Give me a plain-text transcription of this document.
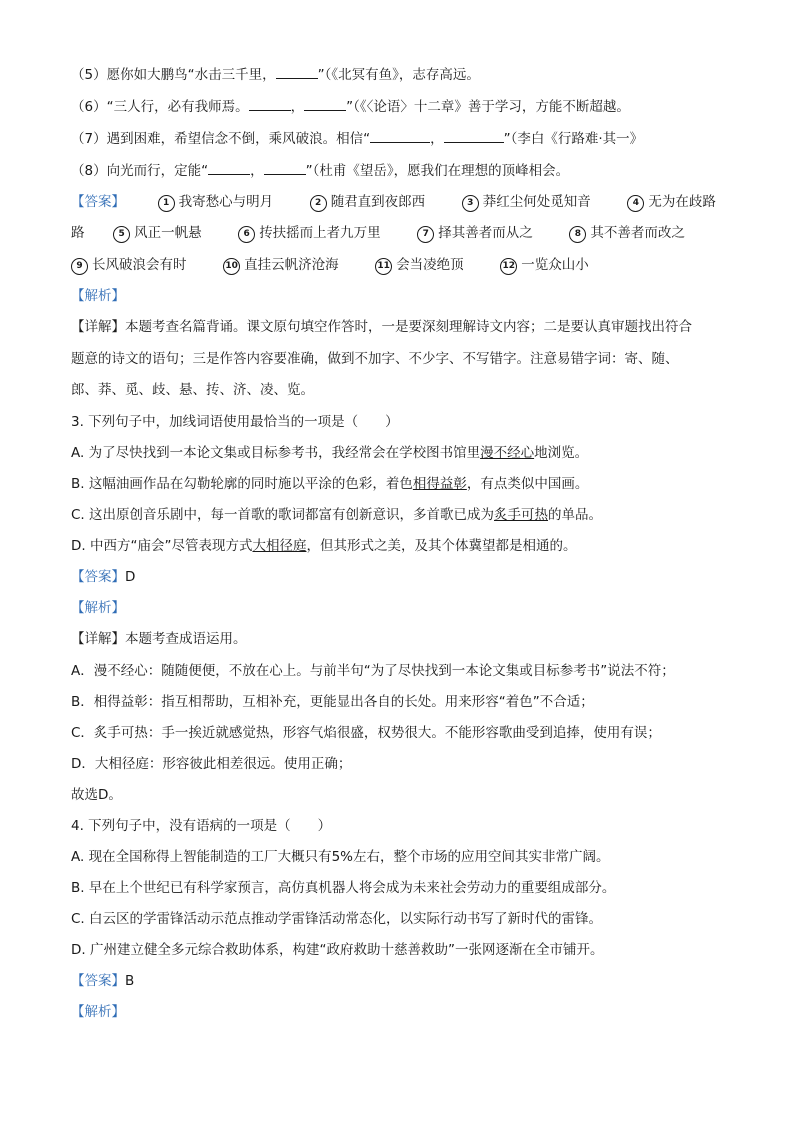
（5）愿你如大鹏鸟“水击三千里，	”（《北冥有鱼》，志存高远。
（6）“三人行，必有我师焉。	，	”（《〈论语〉十二章》善于学习，方能不断超越。
（7）遇到困难，希望信念不倒，乘风破浪。相信“	，	”（李白《行路难·其一》
（8）向光而行，定能“	，	”（杜甫《望岳》，愿我们在理想的顶峰相会。
【答案】	1 我寄愁心与明月	2 随君直到夜郎西	3 莽红尘何处觅知音	4 无为在歧路
路	5 风正一帆悬	6 抟扶摇而上者九万里	7 择其善者而从之	8 其不善者而改之
9 长风破浪会有时	10 直挂云帆济沧海	11 会当凌绝顶	12 一览众山小
【解析】
【详解】本题考查名篇背诵。课文原句填空作答时，一是要深刻理解诗文内容；二是要认真审题找出符合
题意的诗文的语句；三是作答内容要准确，做到不加字、不少字、不写错字。注意易错字词：寄、随、
郎、莽、觅、歧、悬、抟、济、凌、览。
3. 下列句子中，加线词语使用最恰当的一项是（　　）
A. 为了尽快找到一本论文集或目标参考书，我经常会在学校图书馆里漫不经心地浏览。
B. 这幅油画作品在勾勒轮廓的同时施以平涂的色彩，着色相得益彰，有点类似中国画。
C. 这出原创音乐剧中，每一首歌的歌词都富有创新意识，多首歌已成为炙手可热的单品。
D. 中西方“庙会”尽管表现方式大相径庭，但其形式之美，及其个体冀望都是相通的。
【答案】D
【解析】
【详解】本题考查成语运用。
A．漫不经心：随随便便，不放在心上。与前半句“为了尽快找到一本论文集或目标参考书”说法不符；
B．相得益彰：指互相帮助，互相补充，更能显出各自的长处。用来形容“着色”不合适；
C．炙手可热：手一挨近就感觉热，形容气焰很盛，权势很大。不能形容歌曲受到追捧，使用有误；
D．大相径庭：形容彼此相差很远。使用正确；
故选D。
4. 下列句子中，没有语病的一项是（　　）
A. 现在全国称得上智能制造的工厂大概只有5%左右，整个市场的应用空间其实非常广阔。
B. 早在上个世纪已有科学家预言，高仿真机器人将会成为未来社会劳动力的重要组成部分。
C. 白云区的学雷锋活动示范点推动学雷锋活动常态化，以实际行动书写了新时代的雷锋。
D. 广州建立健全多元综合救助体系，构建“政府救助十慈善救助”一张网逐渐在全市铺开。
【答案】B
【解析】
